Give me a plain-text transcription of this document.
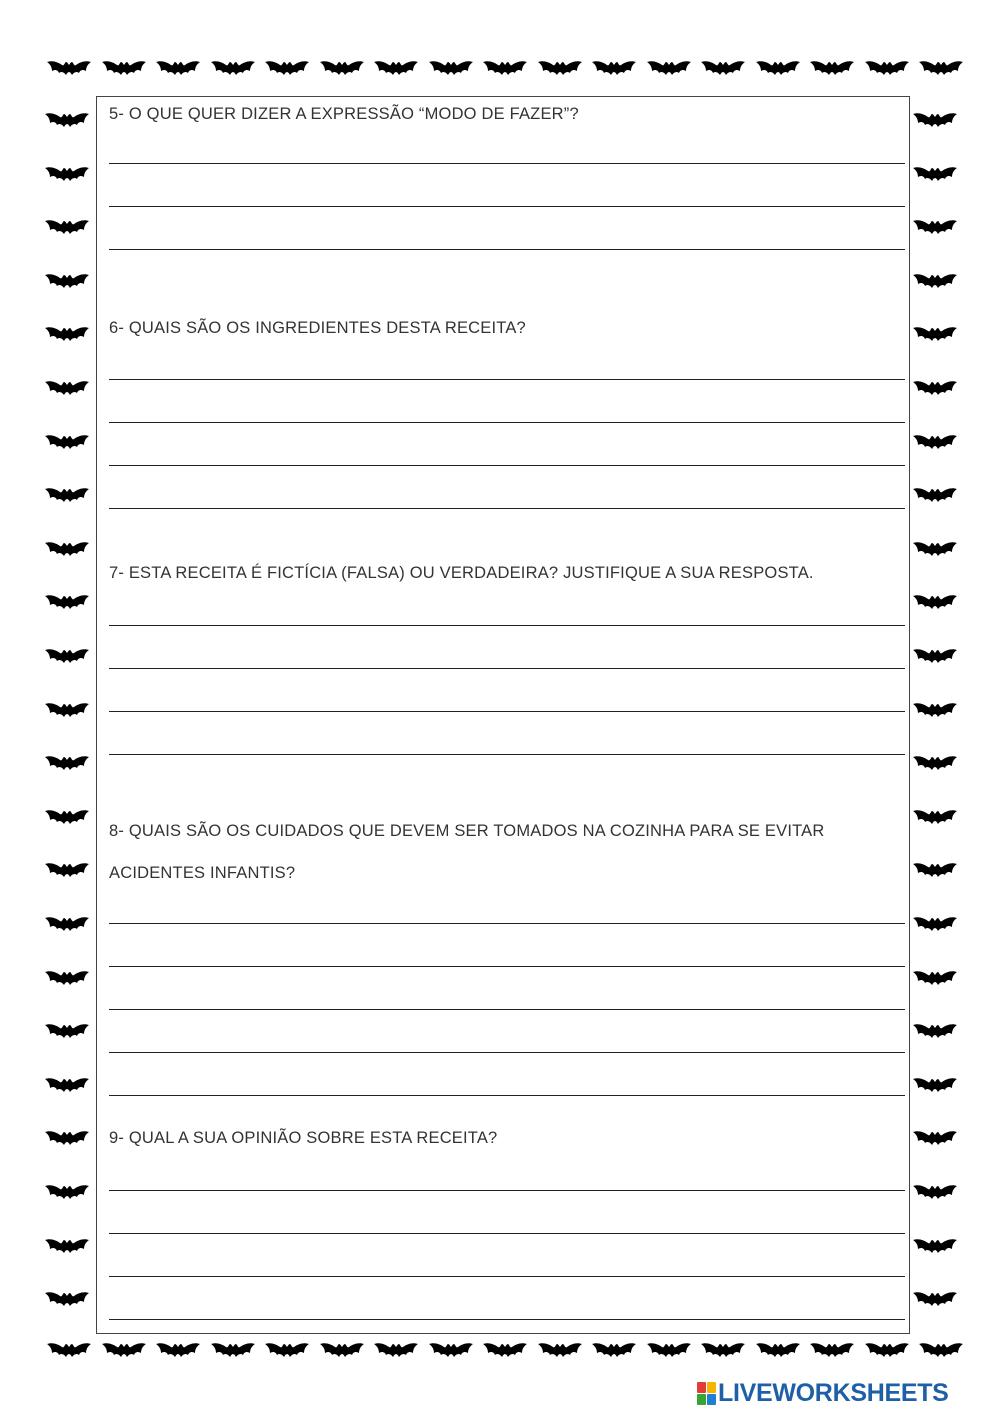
5- O QUE QUER DIZER A EXPRESSÃO “MODO DE FAZER”?

6- QUAIS SÃO OS INGREDIENTES DESTA RECEITA?

7- ESTA RECEITA É FICTÍCIA (FALSA) OU VERDADEIRA? JUSTIFIQUE A SUA RESPOSTA.

8- QUAIS SÃO OS CUIDADOS QUE DEVEM SER TOMADOS NA COZINHA PARA SE EVITAR

ACIDENTES INFANTIS?

9- QUAL A SUA OPINIÃO SOBRE ESTA RECEITA?

LIVEWORKSHEETS
